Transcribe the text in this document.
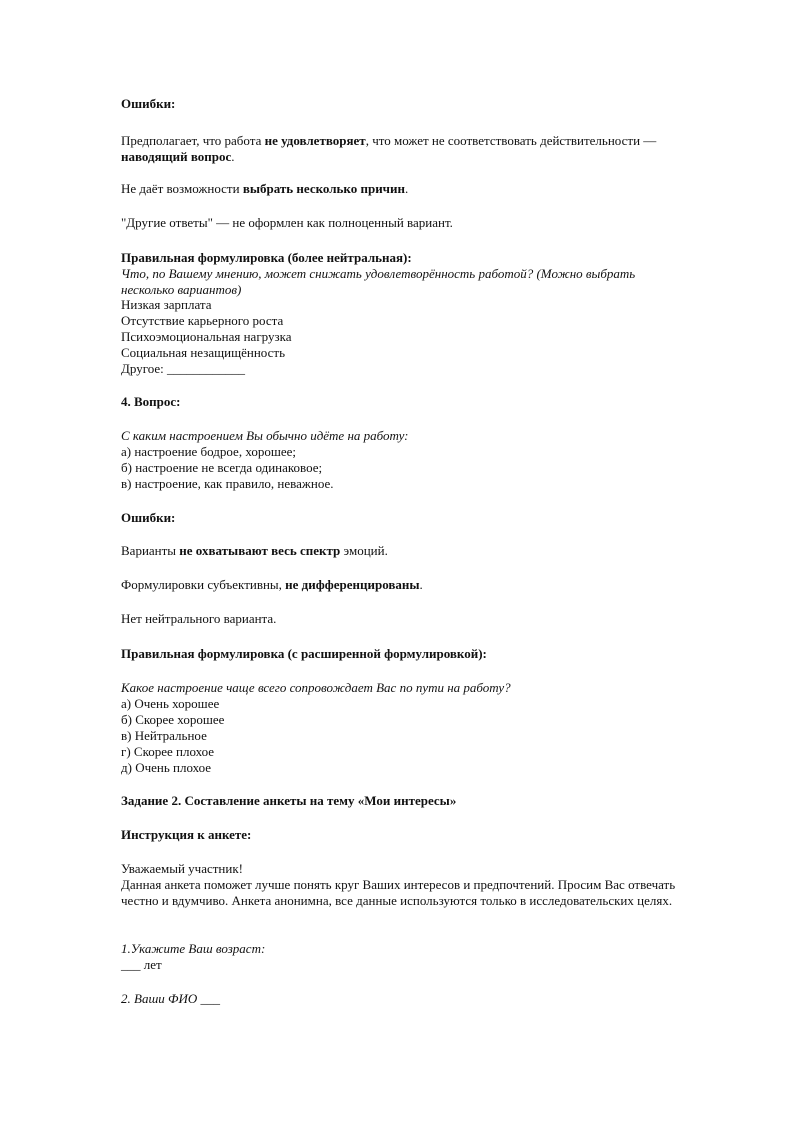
Ошибки:

Предполагает, что работа не удовлетворяет, что может не соответствовать действительности — наводящий вопрос.

Не даёт возможности выбрать несколько причин.

"Другие ответы" — не оформлен как полноценный вариант.

Правильная формулировка (более нейтральная):

Что, по Вашему мнению, может снижать удовлетворённость работой? (Можно выбрать несколько вариантов)

Низкая зарплата
Отсутствие карьерного роста
Психоэмоциональная нагрузка
Социальная незащищённость
Другое: ____________

4. Вопрос:

С каким настроением Вы обычно идёте на работу:

а) настроение бодрое, хорошее;
б) настроение не всегда одинаковое;
в) настроение, как правило, неважное.

Ошибки:

Варианты не охватывают весь спектр эмоций.

Формулировки субъективны, не дифференцированы.

Нет нейтрального варианта.

Правильная формулировка (с расширенной формулировкой):

Какое настроение чаще всего сопровождает Вас по пути на работу?

а) Очень хорошее
б) Скорее хорошее
в) Нейтральное
г) Скорее плохое
д) Очень плохое

Задание 2. Составление анкеты на тему «Мои интересы»

Инструкция к анкете:

Уважаемый участник!
Данная анкета поможет лучше понять круг Ваших интересов и предпочтений. Просим Вас отвечать честно и вдумчиво. Анкета анонимна, все данные используются только в исследовательских целях.

1.Укажите Ваш возраст:

___ лет

2. Ваши ФИО ___
